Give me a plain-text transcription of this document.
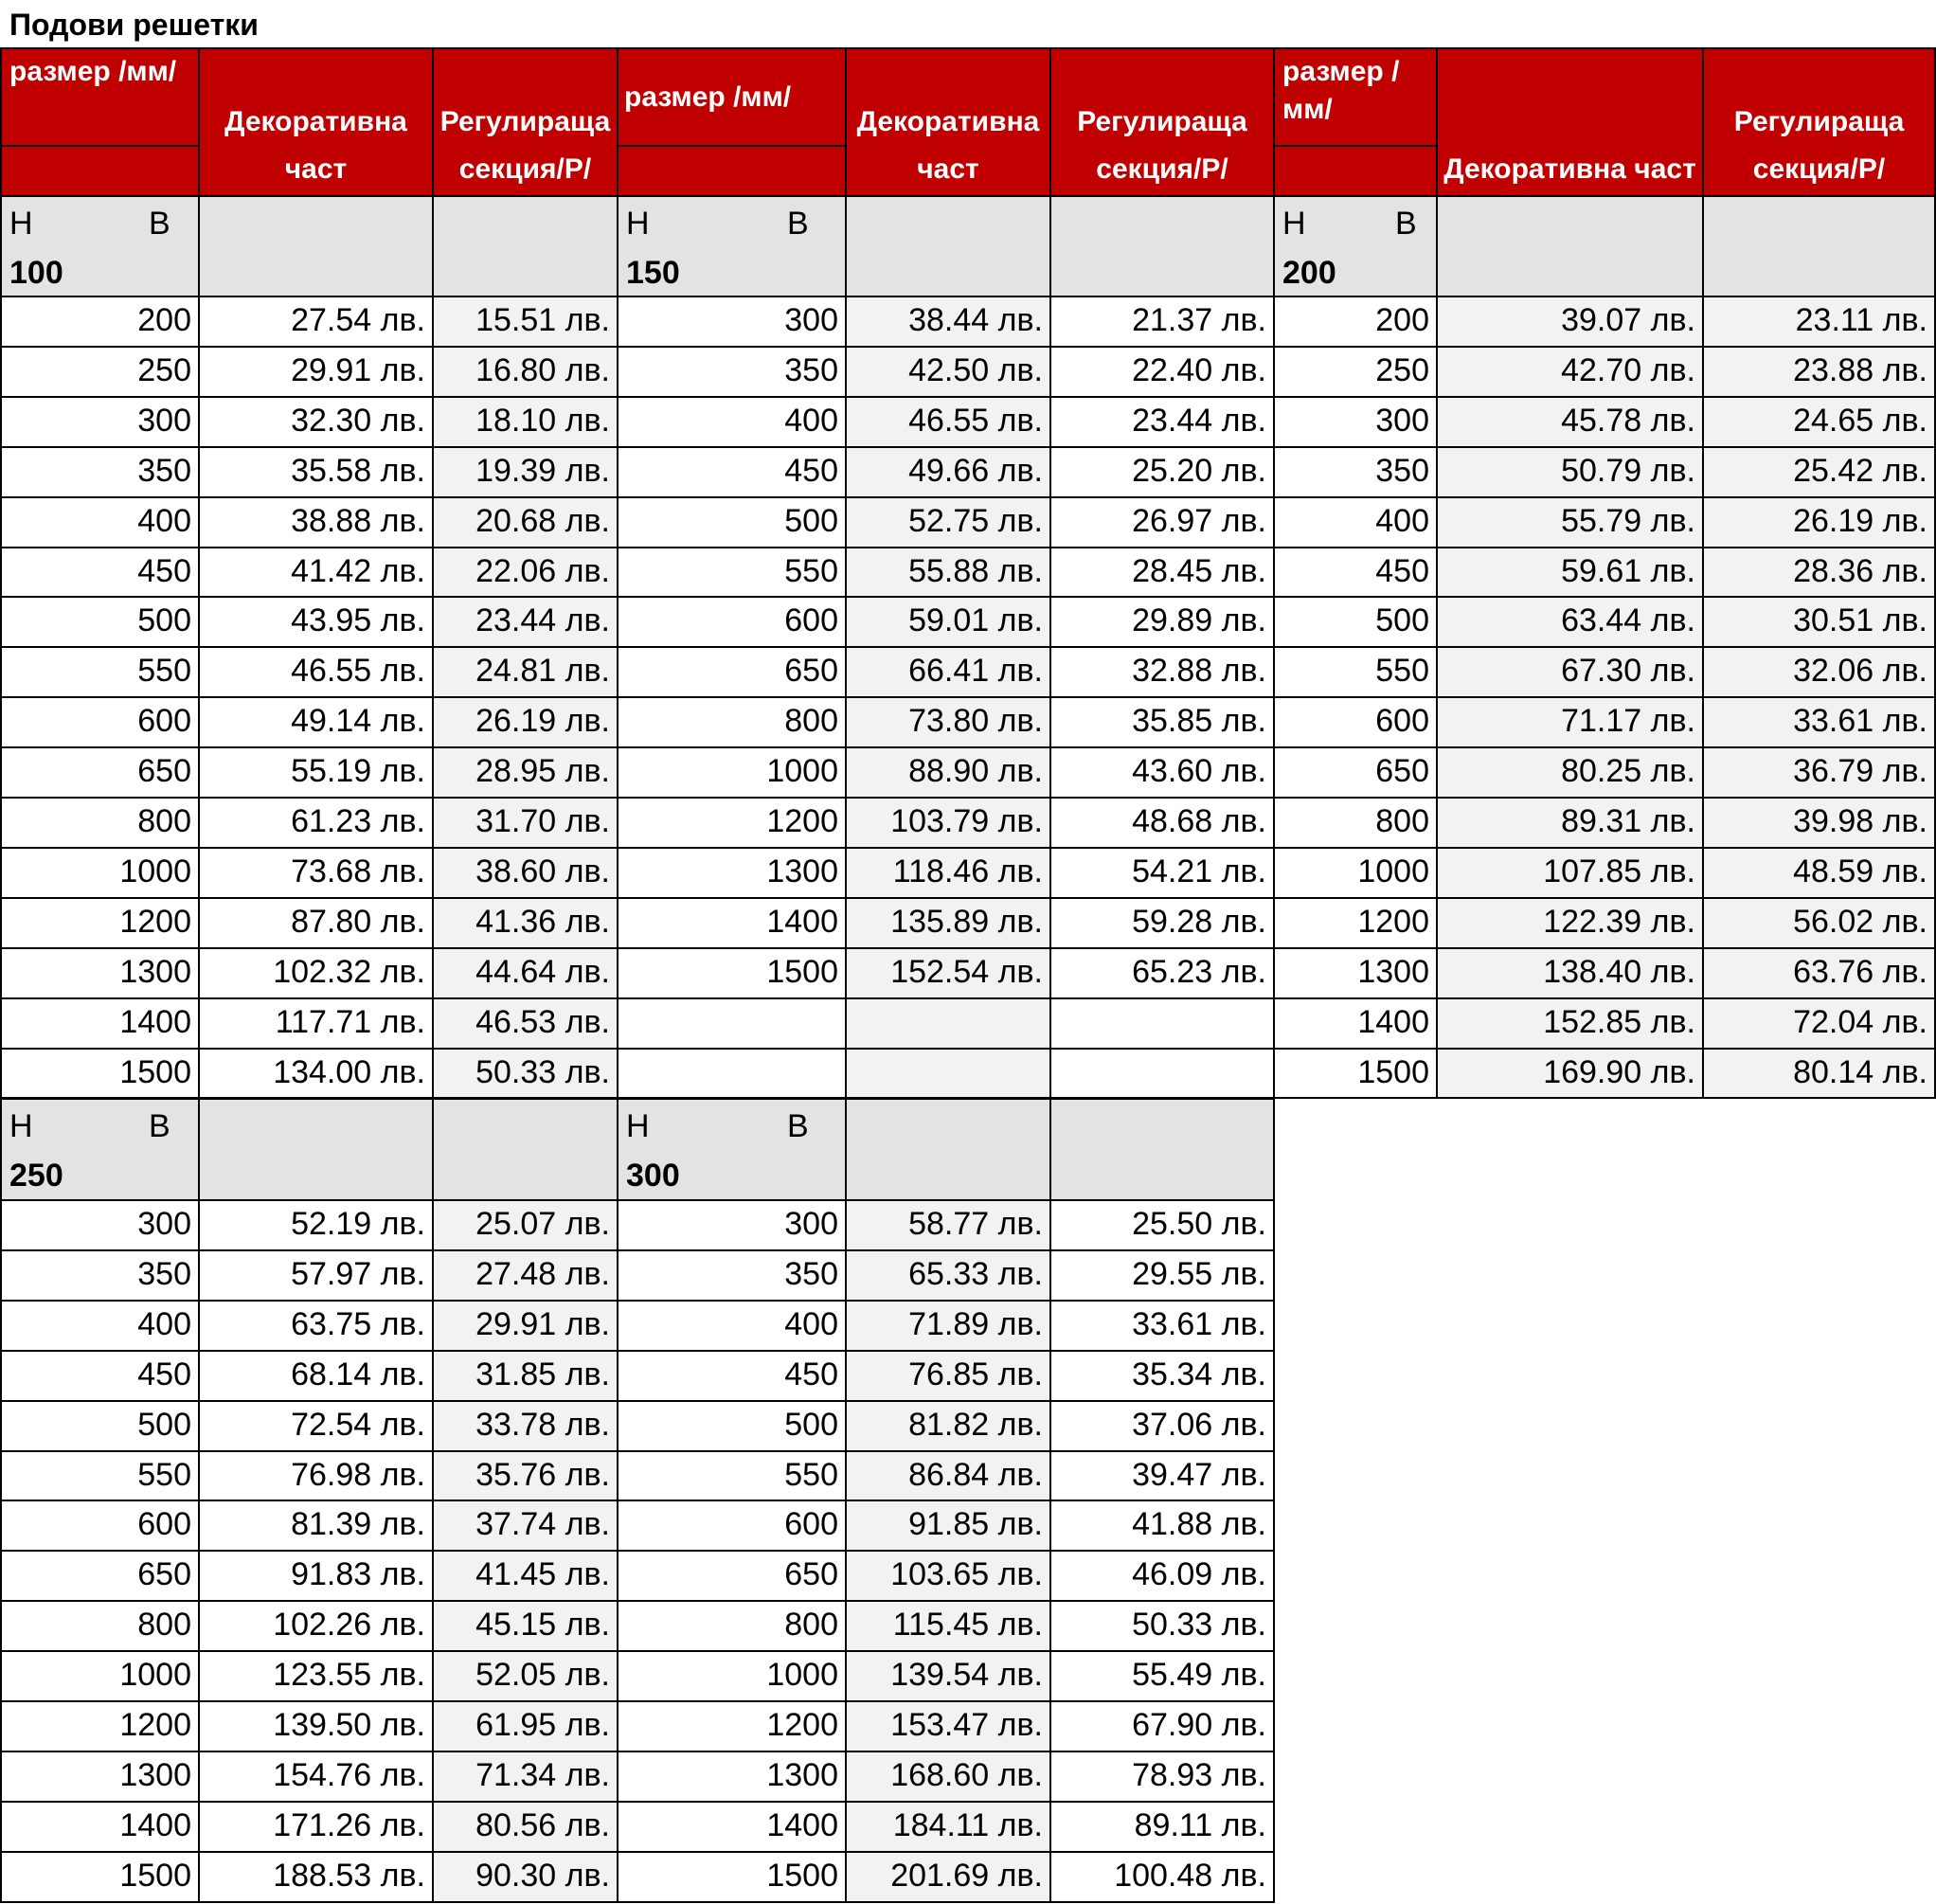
Подови решетки
размер /мм/
Декоративна част
Регулираща секция/Р/
размер /мм/
Декоративна част
Регулираща секция/Р/
размер /мм/
Декоративна част
Регулираща секция/Р/
Н	В
100
200	27.54 лв.	15.51 лв.
250	29.91 лв.	16.80 лв.
300	32.30 лв.	18.10 лв.
350	35.58 лв.	19.39 лв.
400	38.88 лв.	20.68 лв.
450	41.42 лв.	22.06 лв.
500	43.95 лв.	23.44 лв.
550	46.55 лв.	24.81 лв.
600	49.14 лв.	26.19 лв.
650	55.19 лв.	28.95 лв.
800	61.23 лв.	31.70 лв.
1000	73.68 лв.	38.60 лв.
1200	87.80 лв.	41.36 лв.
1300	102.32 лв.	44.64 лв.
1400	117.71 лв.	46.53 лв.
1500	134.00 лв.	50.33 лв.
Н	В
150
300	38.44 лв.	21.37 лв.
350	42.50 лв.	22.40 лв.
400	46.55 лв.	23.44 лв.
450	49.66 лв.	25.20 лв.
500	52.75 лв.	26.97 лв.
550	55.88 лв.	28.45 лв.
600	59.01 лв.	29.89 лв.
650	66.41 лв.	32.88 лв.
800	73.80 лв.	35.85 лв.
1000	88.90 лв.	43.60 лв.
1200	103.79 лв.	48.68 лв.
1300	118.46 лв.	54.21 лв.
1400	135.89 лв.	59.28 лв.
1500	152.54 лв.	65.23 лв.
Н	В
200
200	39.07 лв.	23.11 лв.
250	42.70 лв.	23.88 лв.
300	45.78 лв.	24.65 лв.
350	50.79 лв.	25.42 лв.
400	55.79 лв.	26.19 лв.
450	59.61 лв.	28.36 лв.
500	63.44 лв.	30.51 лв.
550	67.30 лв.	32.06 лв.
600	71.17 лв.	33.61 лв.
650	80.25 лв.	36.79 лв.
800	89.31 лв.	39.98 лв.
1000	107.85 лв.	48.59 лв.
1200	122.39 лв.	56.02 лв.
1300	138.40 лв.	63.76 лв.
1400	152.85 лв.	72.04 лв.
1500	169.90 лв.	80.14 лв.
Н	В
250
300	52.19 лв.	25.07 лв.
350	57.97 лв.	27.48 лв.
400	63.75 лв.	29.91 лв.
450	68.14 лв.	31.85 лв.
500	72.54 лв.	33.78 лв.
550	76.98 лв.	35.76 лв.
600	81.39 лв.	37.74 лв.
650	91.83 лв.	41.45 лв.
800	102.26 лв.	45.15 лв.
1000	123.55 лв.	52.05 лв.
1200	139.50 лв.	61.95 лв.
1300	154.76 лв.	71.34 лв.
1400	171.26 лв.	80.56 лв.
1500	188.53 лв.	90.30 лв.
Н	В
300
300	58.77 лв.	25.50 лв.
350	65.33 лв.	29.55 лв.
400	71.89 лв.	33.61 лв.
450	76.85 лв.	35.34 лв.
500	81.82 лв.	37.06 лв.
550	86.84 лв.	39.47 лв.
600	91.85 лв.	41.88 лв.
650	103.65 лв.	46.09 лв.
800	115.45 лв.	50.33 лв.
1000	139.54 лв.	55.49 лв.
1200	153.47 лв.	67.90 лв.
1300	168.60 лв.	78.93 лв.
1400	184.11 лв.	89.11 лв.
1500	201.69 лв.	100.48 лв.
